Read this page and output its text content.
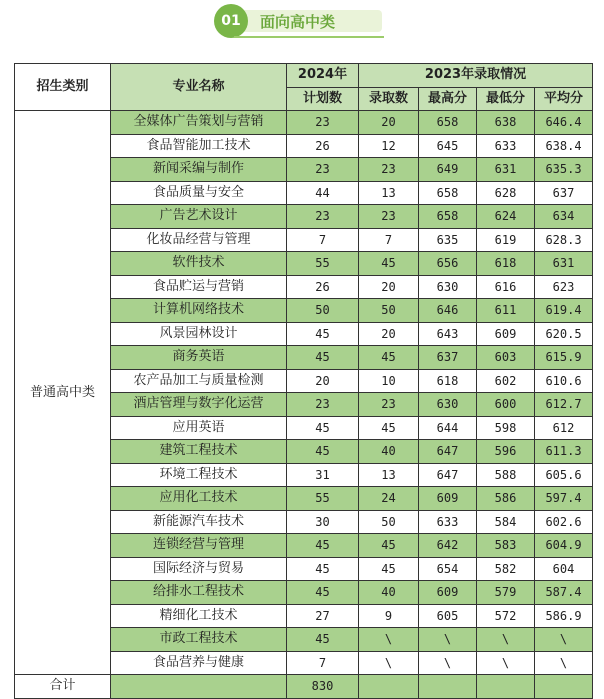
01	面向高中类
招生类别	专业名称	2024年	2023年录取情况			
		计划数	录取数	最高分	最低分	平均分
普通高中类	全媒体广告策划与营销	23	20	658	638	646.4
	食品智能加工技术	26	12	645	633	638.4
	新闻采编与制作	23	23	649	631	635.3
	食品质量与安全	44	13	658	628	637
	广告艺术设计	23	23	658	624	634
	化妆品经营与管理	7	7	635	619	628.3
	软件技术	55	45	656	618	631
	食品贮运与营销	26	20	630	616	623
	计算机网络技术	50	50	646	611	619.4
	风景园林设计	45	20	643	609	620.5
	商务英语	45	45	637	603	615.9
	农产品加工与质量检测	20	10	618	602	610.6
	酒店管理与数字化运营	23	23	630	600	612.7
	应用英语	45	45	644	598	612
	建筑工程技术	45	40	647	596	611.3
	环境工程技术	31	13	647	588	605.6
	应用化工技术	55	24	609	586	597.4
	新能源汽车技术	30	50	633	584	602.6
	连锁经营与管理	45	45	642	583	604.9
	国际经济与贸易	45	45	654	582	604
	给排水工程技术	45	40	609	579	587.4
	精细化工技术	27	9	605	572	586.9
	市政工程技术	45	\	\	\	\
	食品营养与健康	7	\	\	\	\
合计		830				
